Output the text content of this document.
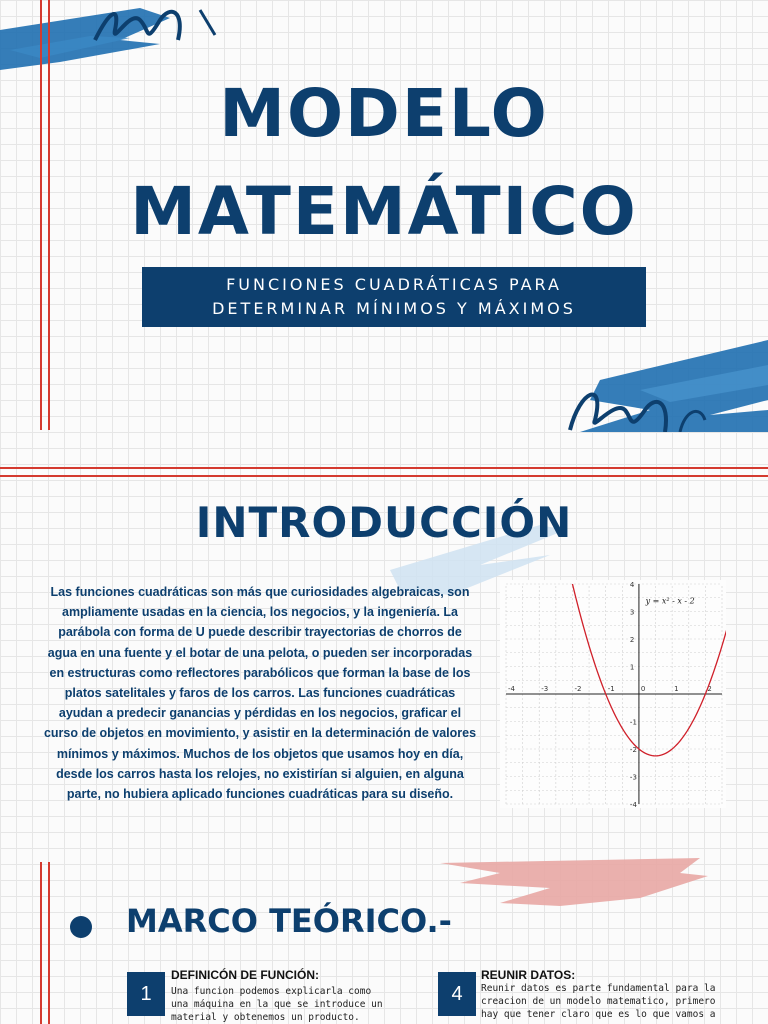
MODELO
MATEMÁTICO
FUNCIONES CUADRÁTICAS PARA
DETERMINAR MÍNIMOS Y MÁXIMOS
INTRODUCCIÓN
Las funciones cuadráticas son más que curiosidades algebraicas, son
ampliamente usadas en la ciencia, los negocios, y la ingeniería. La
parábola con forma de U puede describir trayectorias de chorros de
agua en una fuente y el botar de una pelota, o pueden ser incorporadas
en estructuras como reflectores parabólicos que forman la base de los
platos satelitales y faros de los carros. Las funciones cuadráticas
ayudan a predecir ganancias y pérdidas en los negocios, graficar el
curso de objetos en movimiento, y asistir en la determinación de valores
mínimos y máximos. Muchos de los objetos que usamos hoy en día,
desde los carros hasta los relojes, no existirían si alguien, en alguna
parte, no hubiera aplicado funciones cuadráticas para su diseño.
-4	-3	-2	-1	0	1	2
4
3
2
1
-1
-2
-3
-4
y = x² - x - 2
MARCO TEÓRICO.-
1
DEFINICÓN DE FUNCIÓN:
Una funcion podemos explicarla como
una máquina en la que se introduce un
material y obtenemos un producto.
4
REUNIR DATOS:
Reunir datos es parte fundamental para la
creacion de un modelo matematico, primero
hay que tener claro que es lo que vamos a
